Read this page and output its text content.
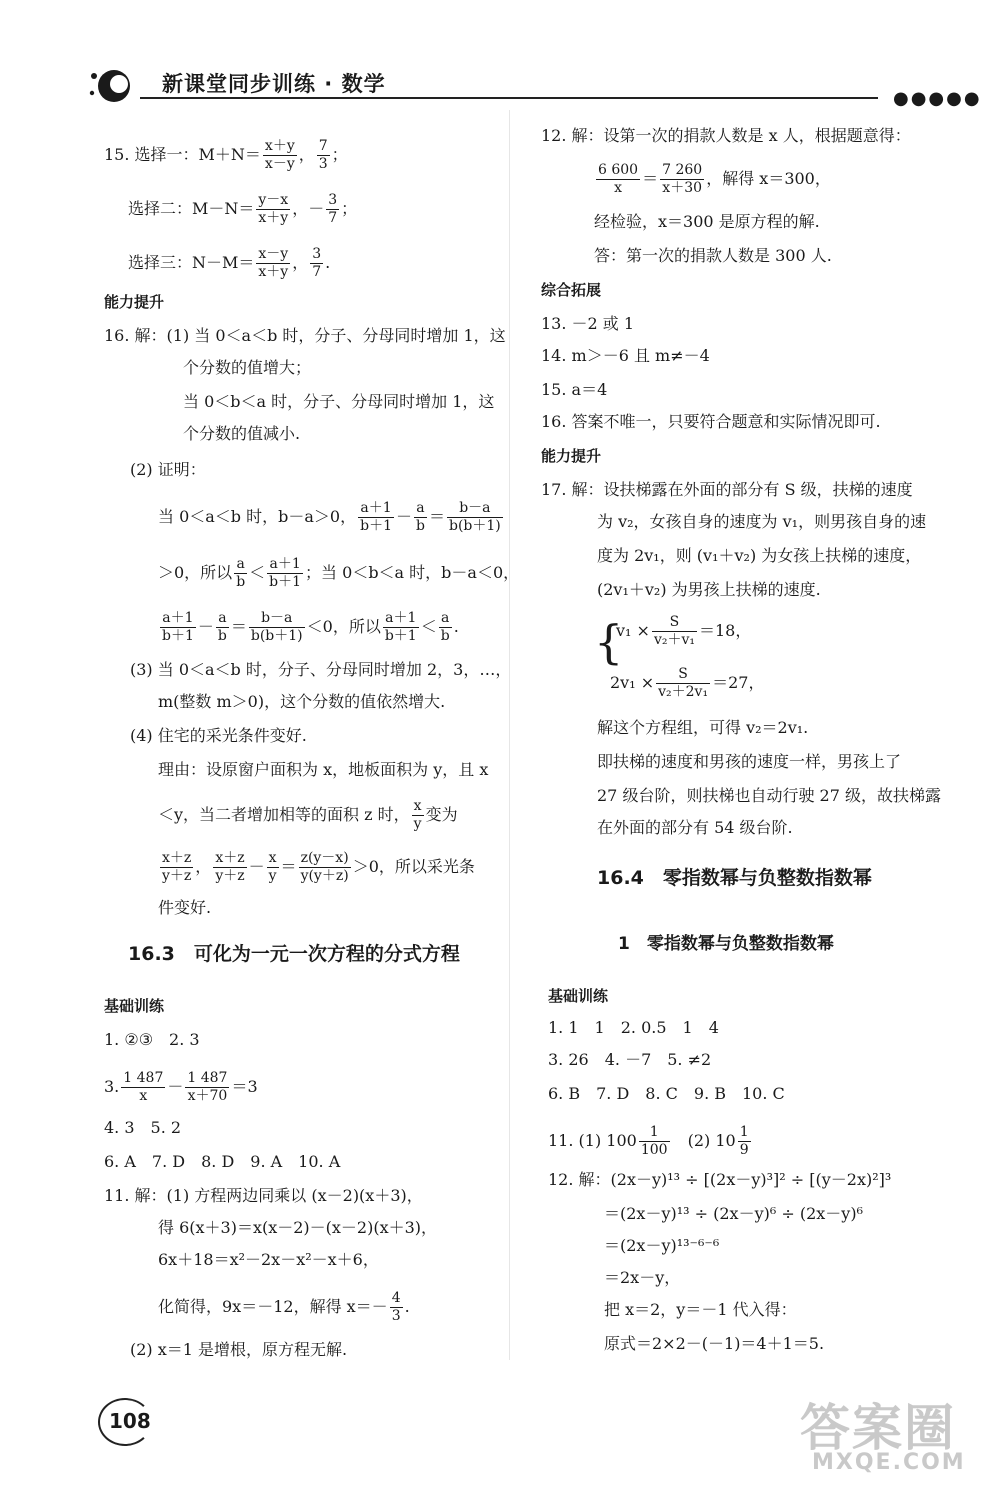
新课堂同步训练 · 数学
●●●●●
15. 选择一：$M+N= \frac{x+y}{x-y}$ ， $\frac{7}{3}$ ；
选择二：$M-N= \frac{y-x}{x+y}$ ，－ $\frac{3}{7}$ ；
选择三：$N-M= \frac{x-y}{x+y}$ ， $\frac{3}{7}$ .
能力提升
16. 解：(1) 当 0＜a＜b 时，分子、分母同时增加 1，这
个分数的值增大；
当 0＜b＜a 时，分子、分母同时增加 1，这
个分数的值减小.
(2) 证明：
当 0＜a＜b 时，b－a＞0， $\frac{a+1}{b+1} - \frac{a}{b} = \frac{b-a}{b(b+1)}$
＞0，所以 $\frac{a}{b} < \frac{a+1}{b+1}$ ；当 0＜b＜a 时，b－a＜0，
$\frac{a+1}{b+1} - \frac{a}{b} = \frac{b-a}{b(b+1)} <0$，所以 $\frac{a+1}{b+1} < \frac{a}{b}$ .
(3) 当 0＜a＜b 时，分子、分母同时增加 2，3，…，
m(整数 m＞0)，这个分数的值依然增大.
(4) 住宅的采光条件变好.
理由：设原窗户面积为 x，地板面积为 y，且 x
＜y，当二者增加相等的面积 z 时， $\frac{x}{y}$ 变为
$\frac{x+z}{y+z}$ ， $\frac{x+z}{y+z} - \frac{x}{y} = \frac{z(y-x)}{y(y+z)} >0$，所以采光条
件变好.
16.3　可化为一元一次方程的分式方程
基础训练
1. ②③　2. 3
3. $\frac{1 487}{x} - \frac{1 487}{x+70} =3$
4. 3　5. 2
6. A　7. D　8. D　9. A　10. A
11. 解：(1) 方程两边同乘以 (x－2)(x＋3)，
得 6(x＋3)＝x(x－2)－(x－2)(x＋3)，
6x＋18＝x²－2x－x²－x＋6，
化简得，9x＝－12，解得 $x=- \frac{4}{3}$ .
(2) x＝1 是增根，原方程无解.
108
12. 解：设第一次的捐款人数是 x 人，根据题意得：
$\frac{6 600}{x} = \frac{7 260}{x+30}$ ，解得 x＝300，
经检验，x＝300 是原方程的解.
答：第一次的捐款人数是 300 人.
综合拓展
13. －2 或 1
14. m＞－6 且 m≠－4
15. a＝4
16. 答案不唯一，只要符合题意和实际情况即可.
能力提升
17. 解：设扶梯露在外面的部分有 S 级，扶梯的速度
为 v₂，女孩自身的速度为 v₁，则男孩自身的速
度为 2v₁，则 (v₁＋v₂) 为女孩上扶梯的速度，
(2v₁＋v₂) 为男孩上扶梯的速度.
{
$v_1 \times \frac{S}{\text{v₂＋v₁}} =18$，
$2v_1 \times \frac{S}{\text{v₂＋2v₁}} =27$，
解这个方程组，可得 v₂＝2v₁.
即扶梯的速度和男孩的速度一样，男孩上了
27 级台阶，则扶梯也自动行驶 27 级，故扶梯露
在外面的部分有 54 级台阶.
16.4　零指数幂与负整数指数幂
1　零指数幂与负整数指数幂
基础训练
1. 1　1　2. 0.5　1　4
3. 26　4. －7　5. ≠2
6. B　7. D　8. C　9. B　10. C
11. (1) $100 \frac{1}{100}$
　 (2) $10 \frac{1}{9}$
12. 解：(2x－y)¹³ ÷ [(2x－y)³]² ÷ [(y－2x)²]³
＝(2x－y)¹³ ÷ (2x－y)⁶ ÷ (2x－y)⁶
＝(2x－y)¹³⁻⁶⁻⁶
＝2x－y，
把 x＝2，y＝－1 代入得：
原式＝2×2－(－1)＝4＋1＝5.
答案圈
MXQE.COM
